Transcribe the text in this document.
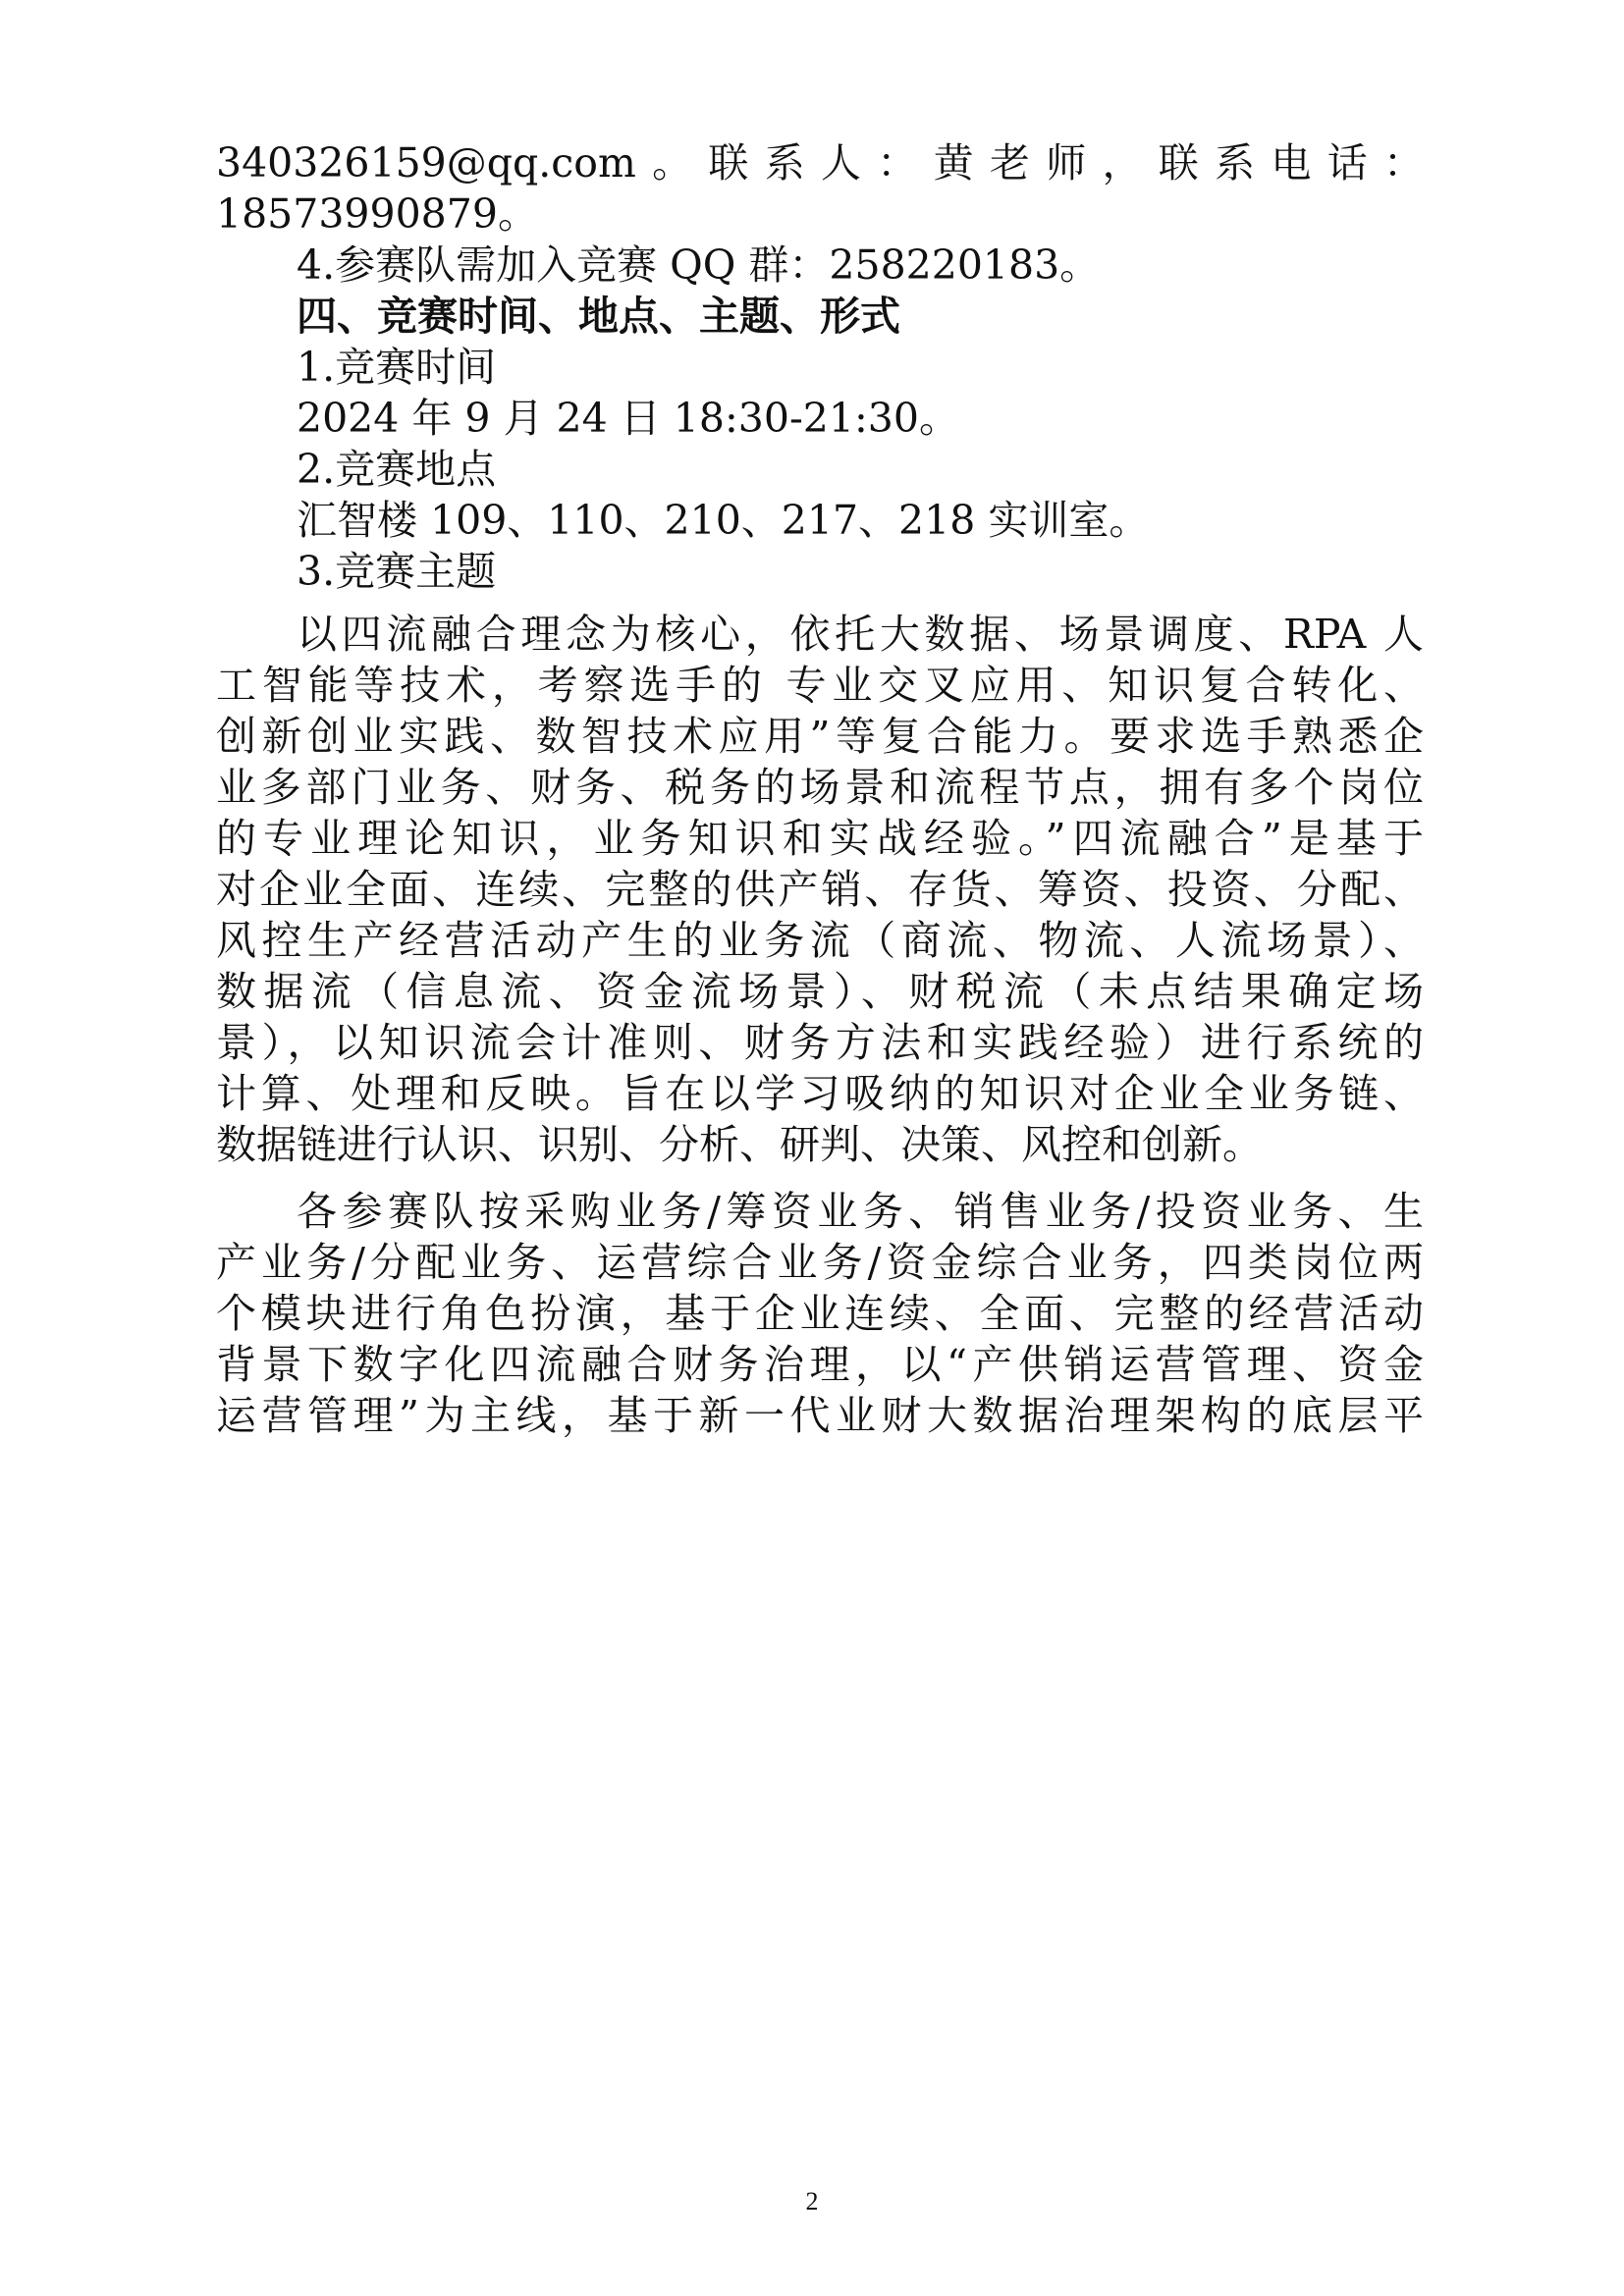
340326159@qq.com。联系人：黄老师，联系电话：
18573990879。
4.参赛队需加入竞赛 QQ 群：258220183。
四、竞赛时间、地点、主题、形式
1.竞赛时间
2024 年 9 月 24 日 18:30-21:30。
2.竞赛地点
汇智楼 109、110、210、217、218 实训室。
3.竞赛主题
以四流融合理念为核心，依托大数据、场景调度、RPA 人
工智能等技术，考察选手的 专业交叉应用、知识复合转化、
创新创业实践、数智技术应用”等复合能力。要求选手熟悉企
业多部门业务、财务、税务的场景和流程节点，拥有多个岗位
的专业理论知识，业务知识和实战经验。”四流融合”是基于
对企业全面、连续、完整的供产销、存货、筹资、投资、分配、
风控生产经营活动产生的业务流（商流、物流、人流场景）、
数据流（信息流、资金流场景）、财税流（未点结果确定场
景），以知识流会计准则、财务方法和实践经验）进行系统的
计算、处理和反映。旨在以学习吸纳的知识对企业全业务链、
数据链进行认识、识别、分析、研判、决策、风控和创新。
各参赛队按采购业务/筹资业务、销售业务/投资业务、生
产业务/分配业务、运营综合业务/资金综合业务，四类岗位两
个模块进行角色扮演，基于企业连续、全面、完整的经营活动
背景下数字化四流融合财务治理，以“产供销运营管理、资金
运营管理”为主线，基于新一代业财大数据治理架构的底层平
2
